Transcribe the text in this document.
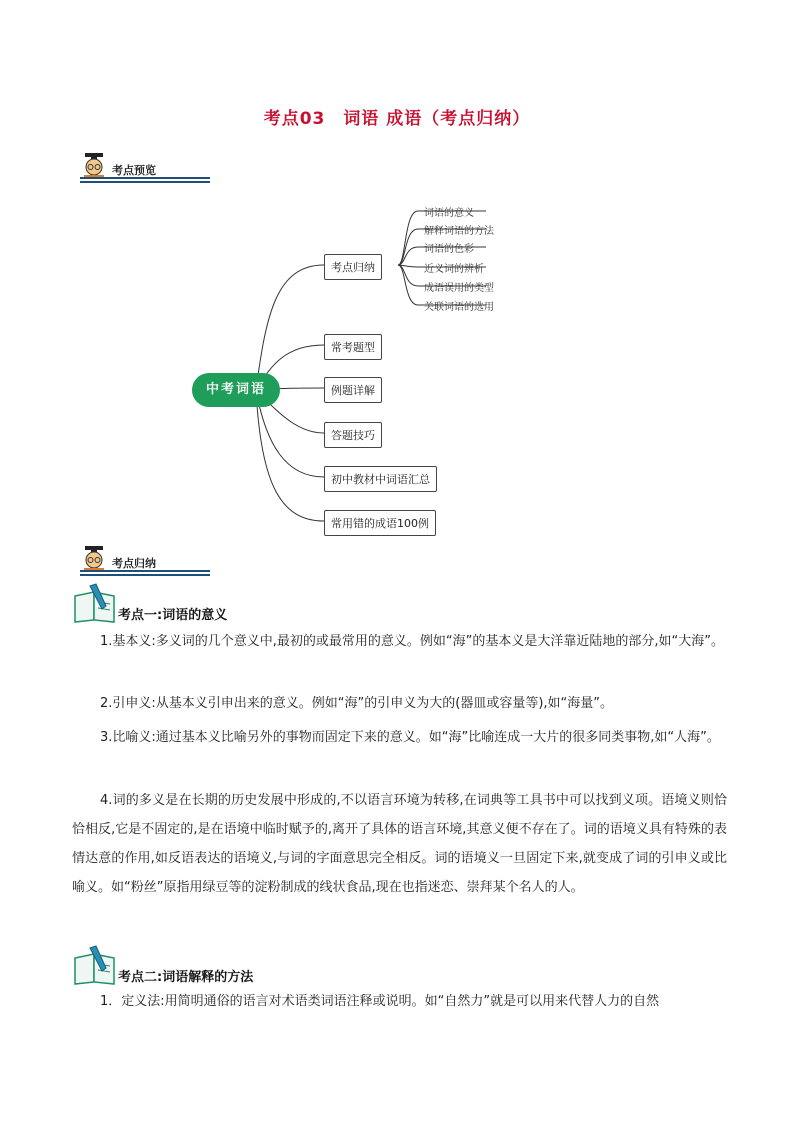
考点03　词语 成语（考点归纳）
考点预览
中考词语
考点归纳
词语的意义
解释词语的方法
词语的色彩
近义词的辨析
成语误用的类型
关联词语的选用
常考题型
例题详解
答题技巧
初中教材中词语汇总
常用错的成语100例
考点归纳
考点一:词语的意义
1.基本义:多义词的几个意义中,最初的或最常用的意义。例如“海”的基本义是大洋靠近陆地的部分,如“大海”。
2.引申义:从基本义引申出来的意义。例如“海”的引申义为大的(器皿或容量等),如“海量”。
3.比喻义:通过基本义比喻另外的事物而固定下来的意义。如“海”比喻连成一大片的很多同类事物,如“人海”。
4.词的多义是在长期的历史发展中形成的,不以语言环境为转移,在词典等工具书中可以找到义项。语境义则恰恰相反,它是不固定的,是在语境中临时赋予的,离开了具体的语言环境,其意义便不存在了。词的语境义具有特殊的表情达意的作用,如反语表达的语境义,与词的字面意思完全相反。词的语境义一旦固定下来,就变成了词的引申义或比喻义。如“粉丝”原指用绿豆等的淀粉制成的线状食品,现在也指迷恋、崇拜某个名人的人。
考点二:词语解释的方法
1．定义法:用简明通俗的语言对术语类词语注释或说明。如“自然力”就是可以用来代替人力的自然
